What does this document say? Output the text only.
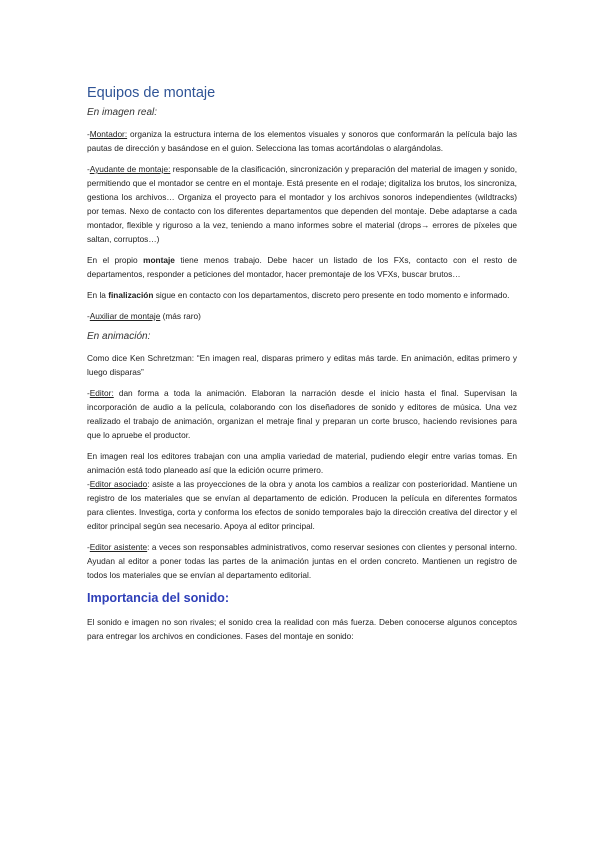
Equipos de montaje
En imagen real:

-Montador: organiza la estructura interna de los elementos visuales y sonoros que conformarán la película bajo las pautas de dirección y basándose en el guion. Selecciona las tomas acortándolas o alargándolas.

-Ayudante de montaje: responsable de la clasificación, sincronización y preparación del material de imagen y sonido, permitiendo que el montador se centre en el montaje. Está presente en el rodaje; digitaliza los brutos, los sincroniza, gestiona los archivos… Organiza el proyecto para el montador y los archivos sonoros independientes (wildtracks) por temas. Nexo de contacto con los diferentes departamentos que dependen del montaje. Debe adaptarse a cada montador, flexible y riguroso a la vez, teniendo a mano informes sobre el material (drops→ errores de píxeles que saltan, corruptos…)

En el propio montaje tiene menos trabajo. Debe hacer un listado de los FXs, contacto con el resto de departamentos, responder a peticiones del montador, hacer premontaje de los VFXs, buscar brutos…

En la finalización sigue en contacto con los departamentos, discreto pero presente en todo momento e informado.

-Auxiliar de montaje (más raro)

En animación:

Como dice Ken Schretzman: “En imagen real, disparas primero y editas más tarde. En animación, editas primero y luego disparas”

-Editor: dan forma a toda la animación. Elaboran la narración desde el inicio hasta el final. Supervisan la incorporación de audio a la película, colaborando con los diseñadores de sonido y editores de música. Una vez realizado el trabajo de animación, organizan el metraje final y preparan un corte brusco, haciendo revisiones para que lo apruebe el productor.

En imagen real los editores trabajan con una amplia variedad de material, pudiendo elegir entre varias tomas. En animación está todo planeado así que la edición ocurre primero.

-Editor asociado: asiste a las proyecciones de la obra y anota los cambios a realizar con posterioridad. Mantiene un registro de los materiales que se envían al departamento de edición. Producen la película en diferentes formatos para clientes. Investiga, corta y conforma los efectos de sonido temporales bajo la dirección creativa del director y el editor principal según sea necesario. Apoya al editor principal.

-Editor asistente: a veces son responsables administrativos, como reservar sesiones con clientes y personal interno. Ayudan al editor a poner todas las partes de la animación juntas en el orden concreto. Mantienen un registro de todos los materiales que se envían al departamento editorial.

Importancia del sonido:

El sonido e imagen no son rivales; el sonido crea la realidad con más fuerza. Deben conocerse algunos conceptos para entregar los archivos en condiciones. Fases del montaje en sonido:
